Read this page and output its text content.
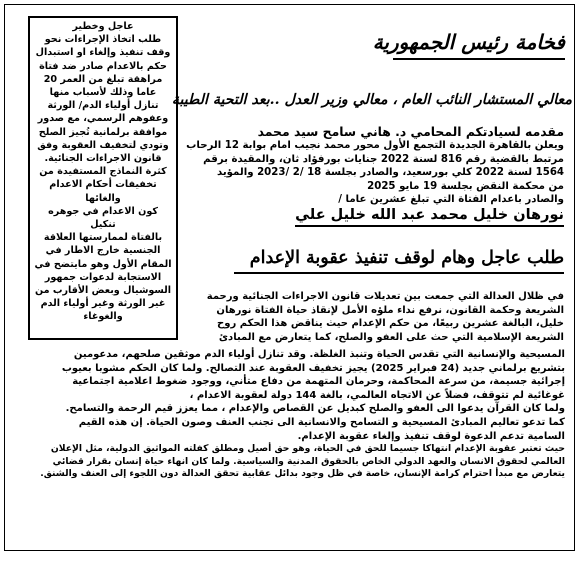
عاجل وخطير

طلب اتخاذ الإجراءات نحو

وقف تنفيذ وإلغاء او استبدال

حكم بالاعدام صادر ضد فتاة

مراهقة تبلغ من العمر 20

عاما وذلك لأسباب منها

تنازل أولياء الدم/ الورثة

وعفوهم الرسمي، مع صدور

موافقة برلمانية تُجيز الصلح

وتودي لتخفيف العقوبة وفق

قانون الاجراءات الجنائية.

كثرة النماذج المستفيدة من

تخفيفات أحكام الاعدام

والغائها

كون الاعدام في جوهره تنكيل

بالفتاة لممارستها العلاقة

الجنسية خارج الاطار في

المقام الأول وهو مايتضح في

الاستجابة لدعوات جمهور

السوشيال وبعض الأقارب من

غير الورثة وغير أولياء الدم

والغوغاء

فخامة رئيس الجمهورية
معالي المستشار النائب العام ، معالي وزير العدل ..بعد التحية الطيبة

مقدمه لسيادتكم المحامي د. هاني سامح سيد محمد

ويعلن بالقاهرة الجديدة التجمع الأول محور محمد نجيب امام بوابة 12 الرحاب

مرتبط بالقضية رقم 816 لسنة 2022 جنايات بورفؤاد ثان، والمقيدة برقم

1564 لسنة 2022 كلي بورسعيد، والصادر بجلسة 18 /2 /2023 والمؤيد

من محكمة النقض بجلسة 19 مايو 2025

والصادر باعدام الفتاة التي تبلغ عشرين عاما /

نورهان خليل محمد عبد الله خليل علي

طلب عاجل وهام لوقف تنفيذ عقوبة الإعدام

في ظلال العدالة التي جمعت بين تعديلات قانون الاجراءات الجنائية ورحمة

الشريعة وحكمة القانون، نرفع نداء ملؤه الأمل لإنقاذ حياة الفتاة نورهان

خليل، البالغة عشرين ربيعًا، من حكم الإعدام حيث يناقض هذا الحكم روح

الشريعة الإسلامية التي حث على العفو والصلح، كما يتعارض مع المبادئ

المسيحية والإنسانية التي تقدس الحياة وتنبذ الغلظة. وقد تنازل أولياء الدم موثقين صلحهم، مدعومين

بتشريع برلماني جديد (24 فبراير 2025) يجيز تخفيف العقوبة عند التصالح. ولما كان الحكم مشوبا بعيوب

إجرائية جسيمة، من سرعة المحاكمة، وحرمان المتهمة من دفاع متأني، ووجود ضغوط اعلامية اجتماعية

غوغائية لم تتوقف، فضلاً عن الاتجاه العالمي، بالغة 144 دولة لعقوبة الاعدام ،

ولما كان القرآن يدعوا الى العفو والصلح كبديل عن القصاص والإعدام ، مما يعزز قيم الرحمة والتسامح.

كما تدعو تعاليم المبادئ المسيحية و التسامح والانسانية الى تجنب العنف وصون الحياة. إن هذه القيم

السامية تدعم الدعوة لوقف تنفيذ وإلغاء عقوبة الإعدام.

حيث تعتبر عقوبة الإعدام انتهاكا جسيما للحق في الحياة، وهو حق أصيل ومطلق كفلته المواثيق الدولية، مثل الإعلان

العالمي لحقوق الانسان والعهد الدولي الخاص بالحقوق المدنية والسياسية. ولما كان انهاء حياة إنسان بقرار قضائي

يتعارض مع مبدأ احترام كرامة الإنسان، خاصة في ظل وجود بدائل عقابية تحقق العدالة دون اللجوء إلى العنف والشنق.
